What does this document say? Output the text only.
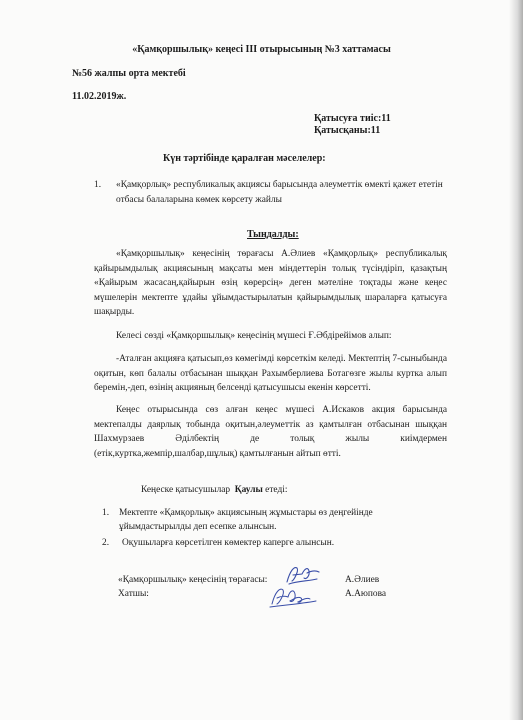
«Қамқоршылық» кеңесі ІІІ отырысының №3 хаттамасы

№56 жалпы орта мектебі

11.02.2019ж.

Қатысуға тиіс:11

Қатысқаны:11

Күн тәртібінде қаралған мәселелер:

1. «Қамқорлық» республикалық акциясы барысында әлеуметтік өмекті қажет ететін

отбасы балаларына көмек көрсету жайлы

Тыңдалды:

«Қамқоршылық» кеңесінің төрағасы А.Әлиев «Қамқорлық» республикалық қайырымдылық акциясының мақсаты мен міндеттерін толық түсіндіріп, қазақтың «Қайырым жасасаң,қайырын өзің көрерсің» деген мәтеліне тоқтады және кеңес мүшелерін мектепте ұдайы ұйымдастырылатын қайырымдылық шараларға қатысуға шақырды.

Келесі сөзді «Қамқоршылық» кеңесінің мүшесі Ғ.Әбдірейімов алып:

-Аталған акцияға қатысып,өз көмегімді көрсеткім келеді. Мектептің 7-сыныбында оқитын, көп балалы отбасынан шыққан Рахымберлиева Ботагөзге жылы куртка алып беремін,-деп, өзінің акцияның белсенді қатысушысы екенін көрсетті.

Кеңес отырысында сөз алған кеңес мүшесі А.Искаков акция барысында мектепалды даярлық тобында оқитын,әлеуметтік аз қамтылған отбасынан шыққан Шахмурзаев Әділбектің де толық жылы киімдермен (етік,куртка,жемпір,шалбар,шұлық) қамтылғанын айтып өтті.

Кеңеске қатысушылар Қаулы етеді:

1. Мектепте «Қамқорлық» акциясының жұмыстары өз деңгейінде

ұйымдастырылды деп есепке алынсын.

2. Оқушыларға көрсетілген көмектер каперге алынсын.

«Қамқоршылық» кеңесінің төрағасы:	А.Әлиев

Хатшы:	А.Аюпова
